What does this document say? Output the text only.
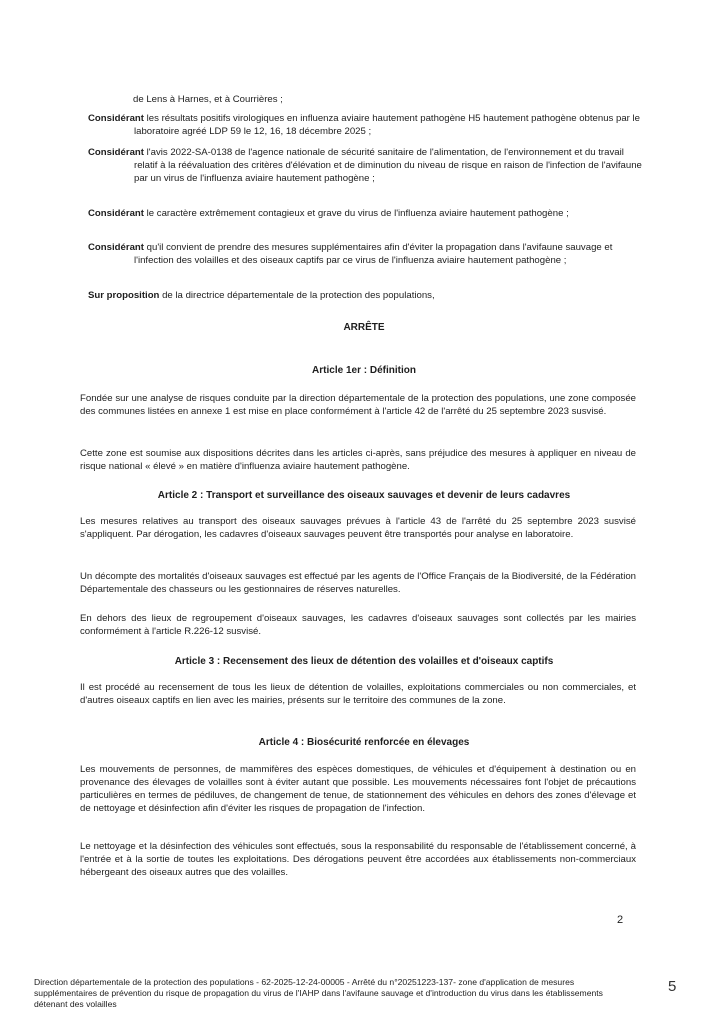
de Lens à Harnes, et à Courrières ;

Considérant les résultats positifs virologiques en influenza aviaire hautement pathogène H5 hautement pathogène obtenus par le laboratoire agréé LDP 59 le 12, 16, 18 décembre 2025 ;

Considérant l'avis 2022-SA-0138 de l'agence nationale de sécurité sanitaire de l'alimentation, de l'environnement et du travail relatif à la réévaluation des critères d'élévation et de diminution du niveau de risque en raison de l'infection de l'avifaune par un virus de l'influenza aviaire hautement pathogène ;

Considérant le caractère extrêmement contagieux et grave du virus de l'influenza aviaire hautement pathogène ;

Considérant qu'il convient de prendre des mesures supplémentaires afin d'éviter la propagation dans l'avifaune sauvage et l'infection des volailles et des oiseaux captifs par ce virus de l'influenza aviaire hautement pathogène ;

Sur proposition de la directrice départementale de la protection des populations,

ARRÊTE

Article 1er : Définition

Fondée sur une analyse de risques conduite par la direction départementale de la protection des populations, une zone composée des communes listées en annexe 1 est mise en place conformément à l'article 42 de l'arrêté du 25 septembre 2023 susvisé.

Cette zone est soumise aux dispositions décrites dans les articles ci-après, sans préjudice des mesures à appliquer en niveau de risque national « élevé » en matière d'influenza aviaire hautement pathogène.

Article 2 : Transport et surveillance des oiseaux sauvages et devenir de leurs cadavres

Les mesures relatives au transport des oiseaux sauvages prévues à l'article 43 de l'arrêté du 25 septembre 2023 susvisé s'appliquent. Par dérogation, les cadavres d'oiseaux sauvages peuvent être transportés pour analyse en laboratoire.

Un décompte des mortalités d'oiseaux sauvages est effectué par les agents de l'Office Français de la Biodiversité, de la Fédération Départementale des chasseurs ou les gestionnaires de réserves naturelles.

En dehors des lieux de regroupement d'oiseaux sauvages, les cadavres d'oiseaux sauvages sont collectés par les mairies conformément à l'article R.226-12 susvisé.

Article 3 : Recensement des lieux de détention des volailles et d'oiseaux captifs

Il est procédé au recensement de tous les lieux de détention de volailles, exploitations commerciales ou non commerciales, et d'autres oiseaux captifs en lien avec les mairies, présents sur le territoire des communes de la zone.

Article 4 : Biosécurité renforcée en élevages

Les mouvements de personnes, de mammifères des espèces domestiques, de véhicules et d'équipement à destination ou en provenance des élevages de volailles sont à éviter autant que possible. Les mouvements nécessaires font l'objet de précautions particulières en termes de pédiluves, de changement de tenue, de stationnement des véhicules en dehors des zones d'élevage et de nettoyage et désinfection afin d'éviter les risques de propagation de l'infection.

Le nettoyage et la désinfection des véhicules sont effectués, sous la responsabilité du responsable de l'établissement concerné, à l'entrée et à la sortie de toutes les exploitations. Des dérogations peuvent être accordées aux établissements non-commerciaux hébergeant des oiseaux autres que des volailles.

2
Direction départementale de la protection des populations - 62-2025-12-24-00005 - Arrêté du n°20251223-137- zone d'application de mesures supplémentaires de prévention du risque de propagation du virus de l'IAHP dans l'avifaune sauvage et d'introduction du virus dans les établissements détenant des volailles
5
